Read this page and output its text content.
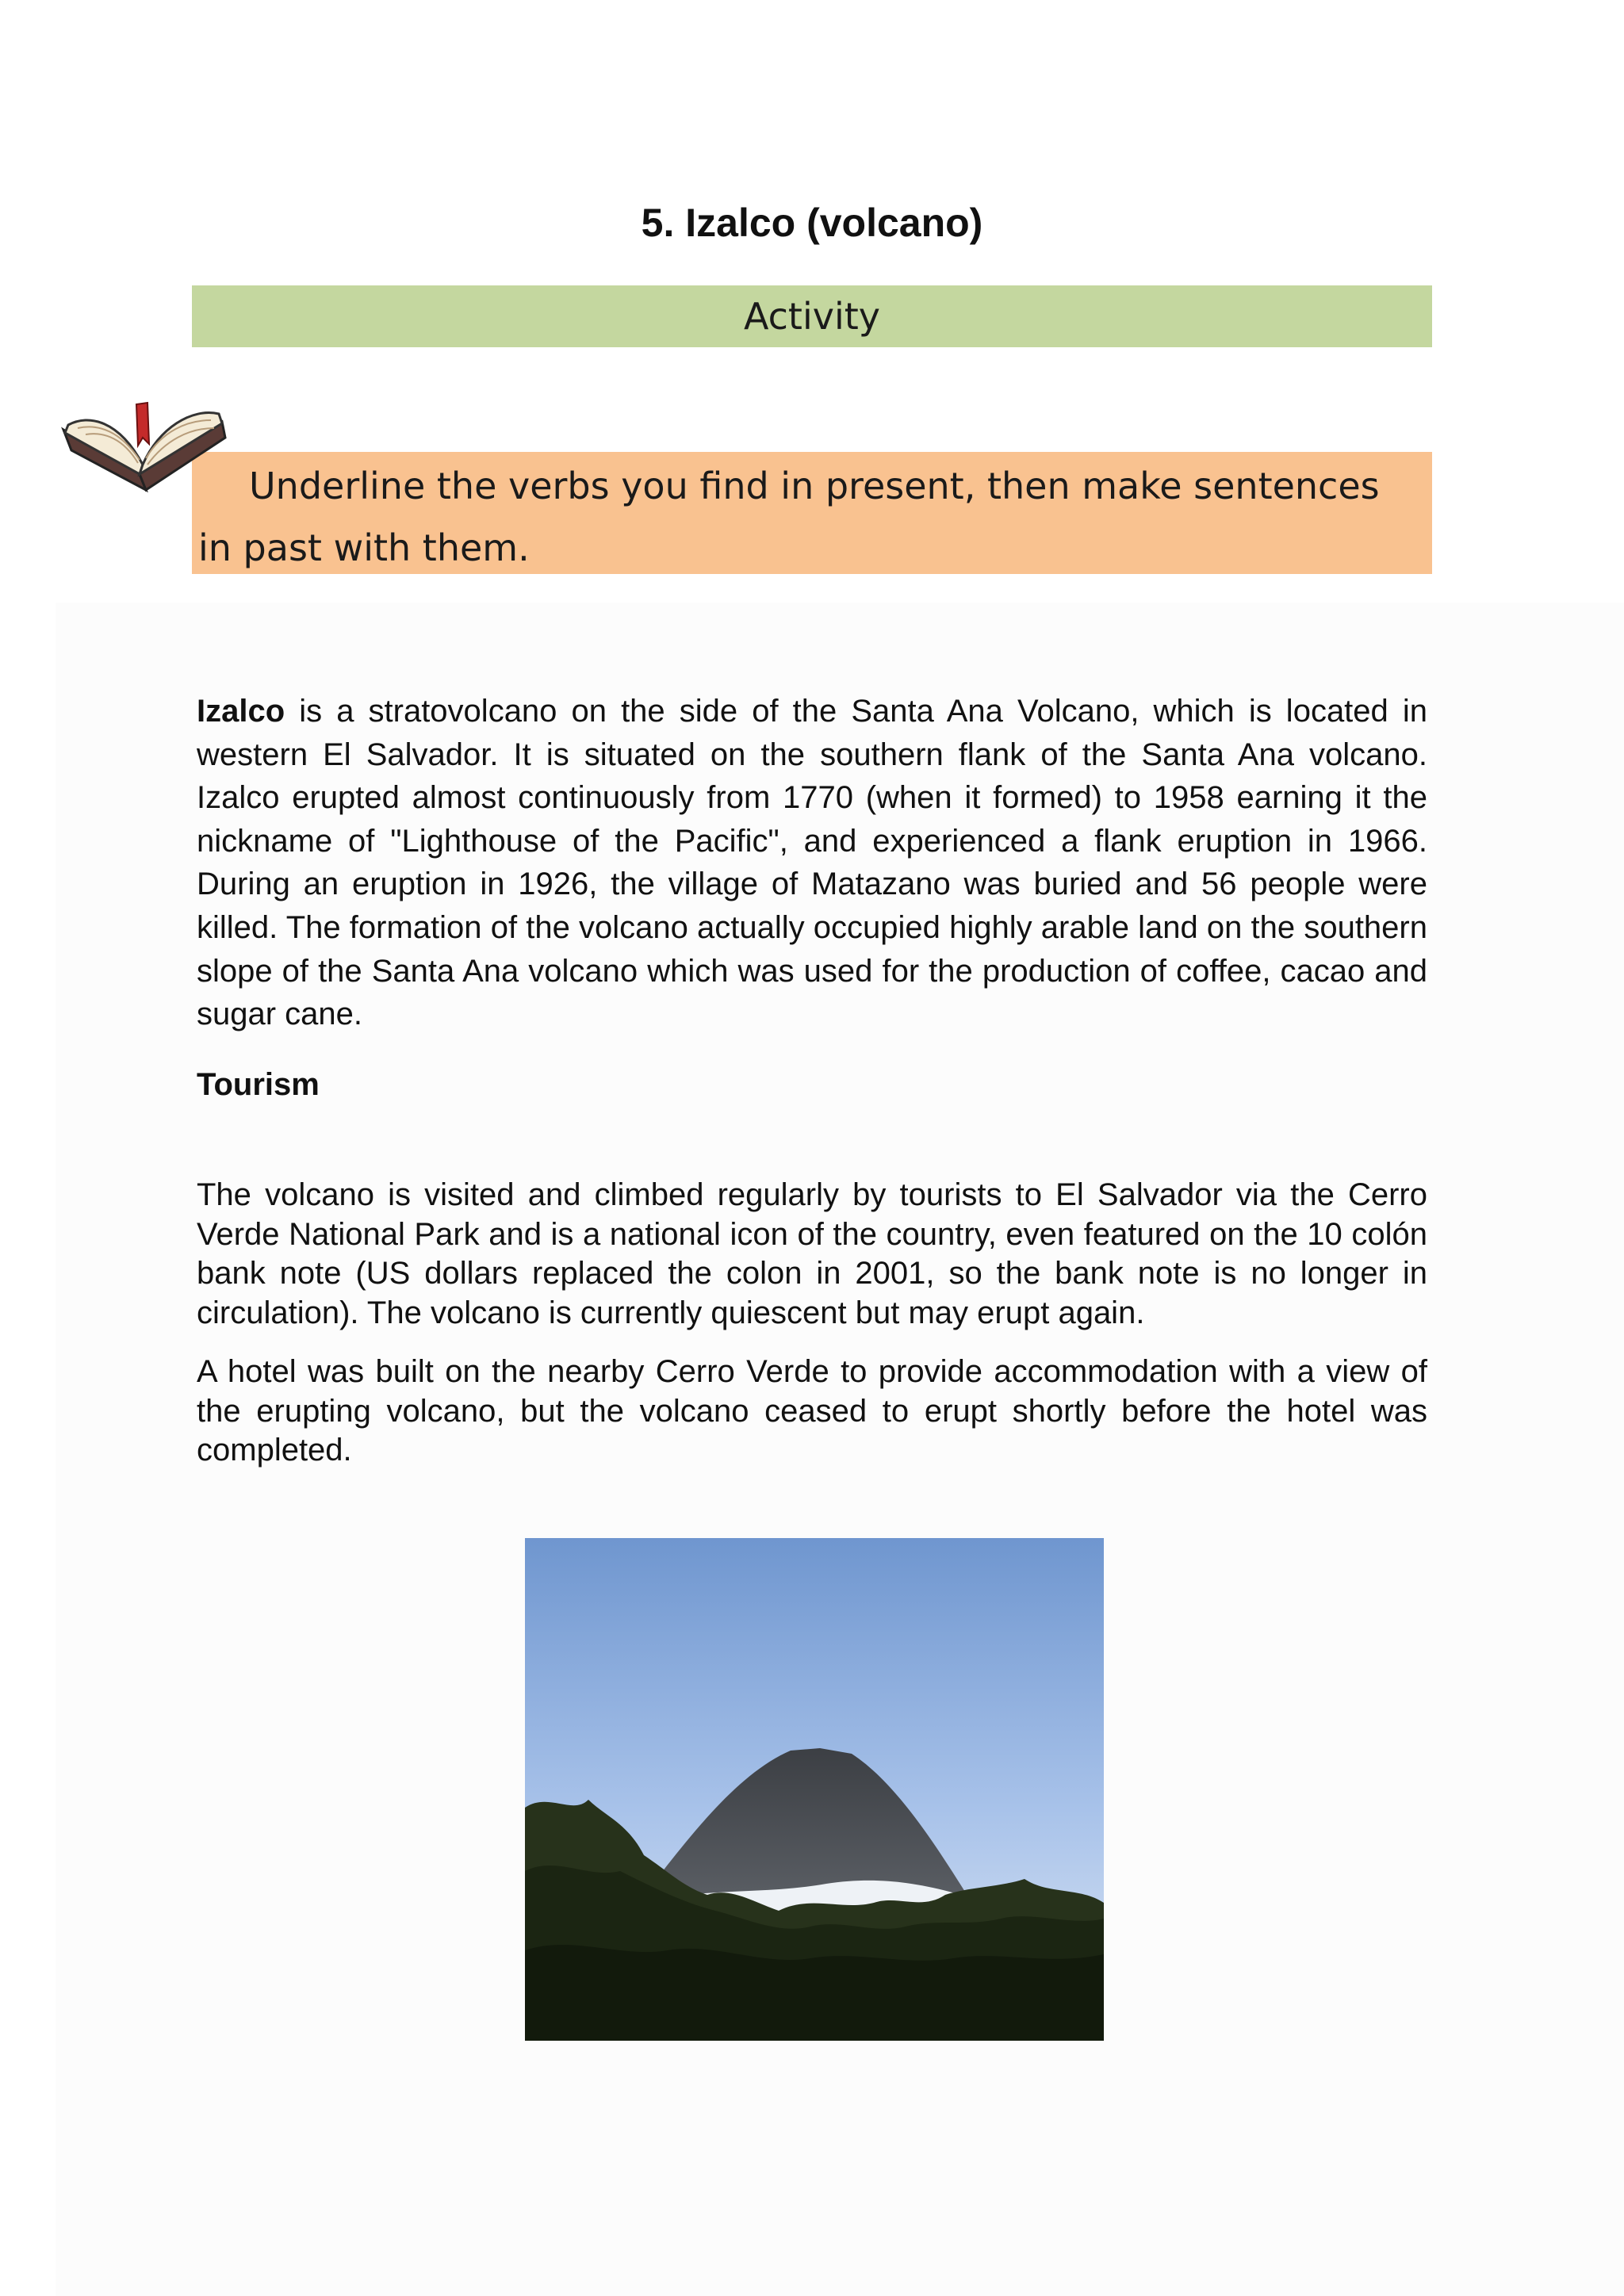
5. Izalco (volcano)
Activity

Underline the verbs you find in present, then make sentences in past with them.

Izalco is a stratovolcano on the side of the Santa Ana Volcano, which is located in western El Salvador. It is situated on the southern flank of the Santa Ana volcano. Izalco erupted almost continuously from 1770 (when it formed) to 1958 earning it the nickname of "Lighthouse of the Pacific", and experienced a flank eruption in 1966. During an eruption in 1926, the village of Matazano was buried and 56 people were killed. The formation of the volcano actually occupied highly arable land on the southern slope of the Santa Ana volcano which was used for the production of coffee, cacao and sugar cane.

Tourism

The volcano is visited and climbed regularly by tourists to El Salvador via the Cerro Verde National Park and is a national icon of the country, even featured on the 10 colón bank note (US dollars replaced the colon in 2001, so the bank note is no longer in circulation). The volcano is currently quiescent but may erupt again.

A hotel was built on the nearby Cerro Verde to provide accommodation with a view of the erupting volcano, but the volcano ceased to erupt shortly before the hotel was completed.
